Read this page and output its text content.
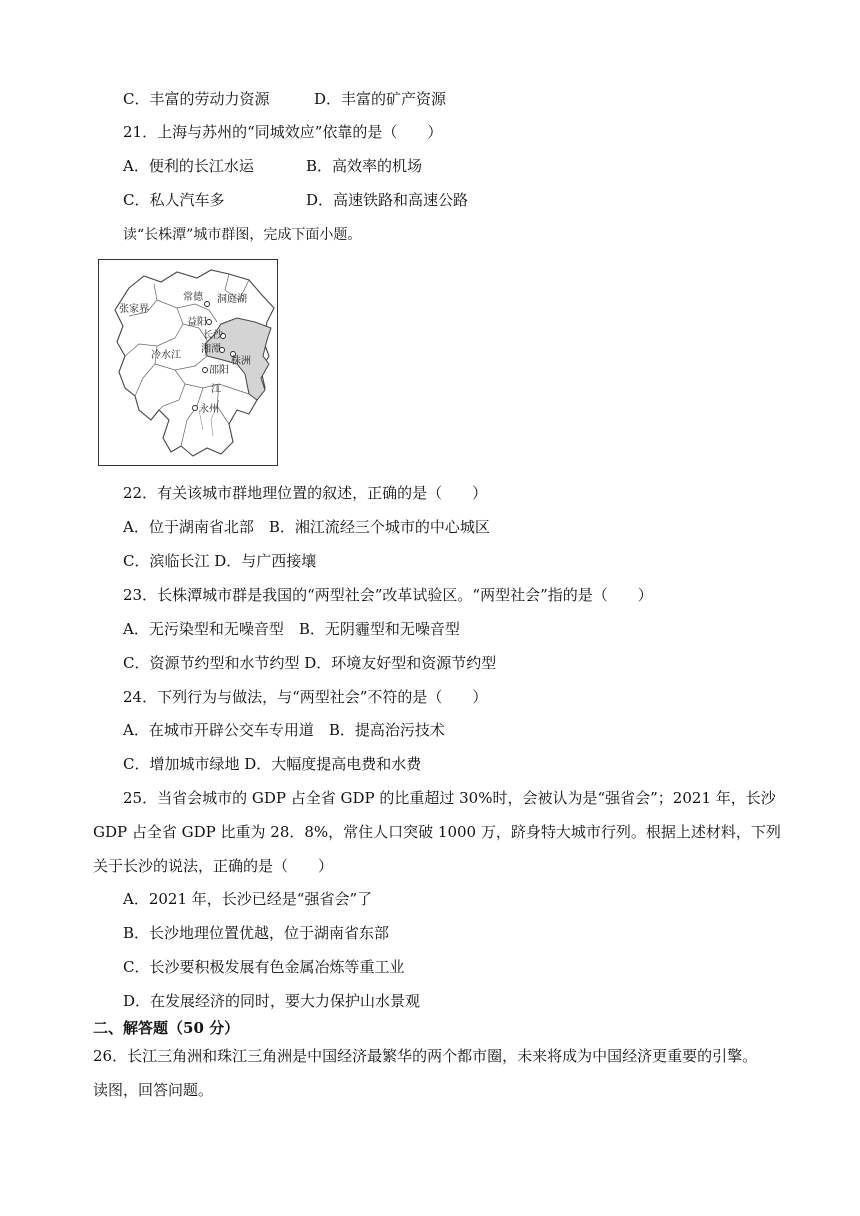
C．丰富的劳动力资源	D．丰富的矿产资源
21．上海与苏州的“同城效应”依靠的是（　　）
A．便利的长江水运	B．高效率的机场
C．私人汽车多	D．高速铁路和高速公路
读“长株潭”城市群图，完成下面小题。
张家界
常德 洞庭湖
益阳
长沙
湘潭
株洲
冷水江
邵阳
江
永州
22．有关该城市群地理位置的叙述，正确的是（　　）
A．位于湖南省北部　B．湘江流经三个城市的中心城区
C．滨临长江 D．与广西接壤
23．长株潭城市群是我国的“两型社会”改革试验区。“两型社会”指的是（　　）
A．无污染型和无噪音型　B．无阴霾型和无噪音型
C．资源节约型和水节约型 D．环境友好型和资源节约型
24．下列行为与做法，与“两型社会”不符的是（　　）
A．在城市开辟公交车专用道　B．提高治污技术
C．增加城市绿地 D．大幅度提高电费和水费
25．当省会城市的 GDP 占全省 GDP 的比重超过 30%时，会被认为是“强省会”；2021 年，长沙
GDP 占全省 GDP 比重为 28．8%，常住人口突破 1000 万，跻身特大城市行列。根据上述材料，下列
关于长沙的说法，正确的是（　　）
A．2021 年，长沙已经是“强省会”了
B．长沙地理位置优越，位于湖南省东部
C．长沙要积极发展有色金属冶炼等重工业
D．在发展经济的同时，要大力保护山水景观
二、解答题（50 分）
26．长江三角洲和珠江三角洲是中国经济最繁华的两个都市圈，未来将成为中国经济更重要的引擎。
读图，回答问题。
